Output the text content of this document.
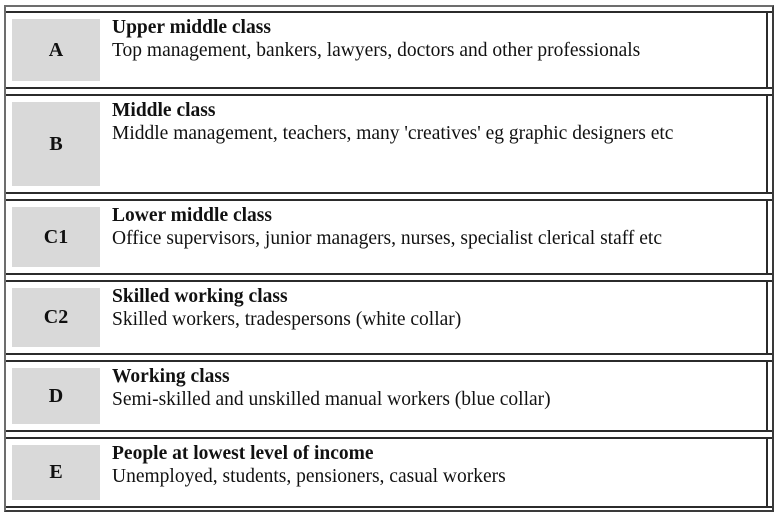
A
Upper middle class
Top management, bankers, lawyers, doctors and other professionals
B
Middle class
Middle management, teachers, many 'creatives' eg graphic designers etc
C1
Lower middle class
Office supervisors, junior managers, nurses, specialist clerical staff etc
C2
Skilled working class
Skilled workers, tradespersons (white collar)
D
Working class
Semi-skilled and unskilled manual workers (blue collar)
E
People at lowest level of income
Unemployed, students, pensioners, casual workers
